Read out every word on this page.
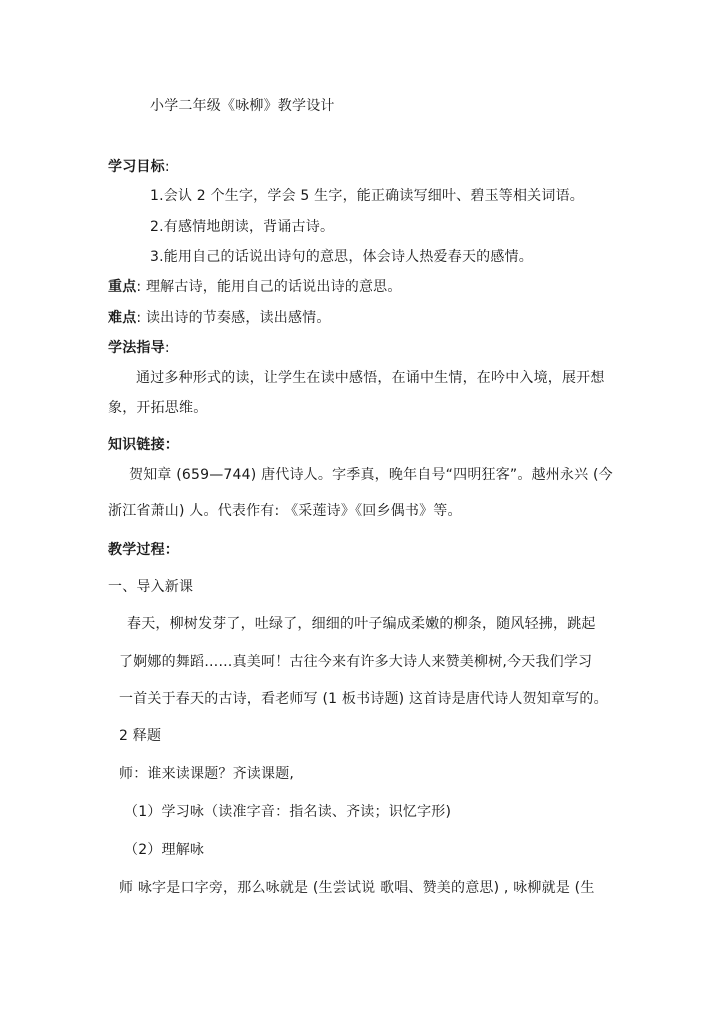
小学二年级《咏柳》教学设计
学习目标:
1.会认 2 个生字，学会 5 生字，能正确读写细叶、碧玉等相关词语。
2.有感情地朗读，背诵古诗。
3.能用自己的话说出诗句的意思，体会诗人热爱春天的感情。
重点: 理解古诗，能用自己的话说出诗的意思。
难点: 读出诗的节奏感，读出感情。
学法指导:
通过多种形式的读，让学生在读中感悟，在诵中生情，在吟中入境，展开想
象，开拓思维。
知识链接：
贺知章 (659—744) 唐代诗人。字季真，晚年自号“四明狂客”。越州永兴 (今
浙江省萧山) 人。代表作有: 《采莲诗》《回乡偶书》等。
教学过程：
一、导入新课
春天，柳树发芽了，吐绿了，细细的叶子编成柔嫩的柳条，随风轻拂，跳起
了婀娜的舞蹈……真美呵！古往今来有许多大诗人来赞美柳树,今天我们学习
一首关于春天的古诗，看老师写 (1 板书诗题) 这首诗是唐代诗人贺知章写的。
2 释题
师：谁来读课题？齐读课题,
（1）学习咏（读准字音：指名读、齐读；识忆字形)
（2）理解咏
师 咏字是口字旁，那么咏就是 (生尝试说 歌唱、赞美的意思) , 咏柳就是 (生
